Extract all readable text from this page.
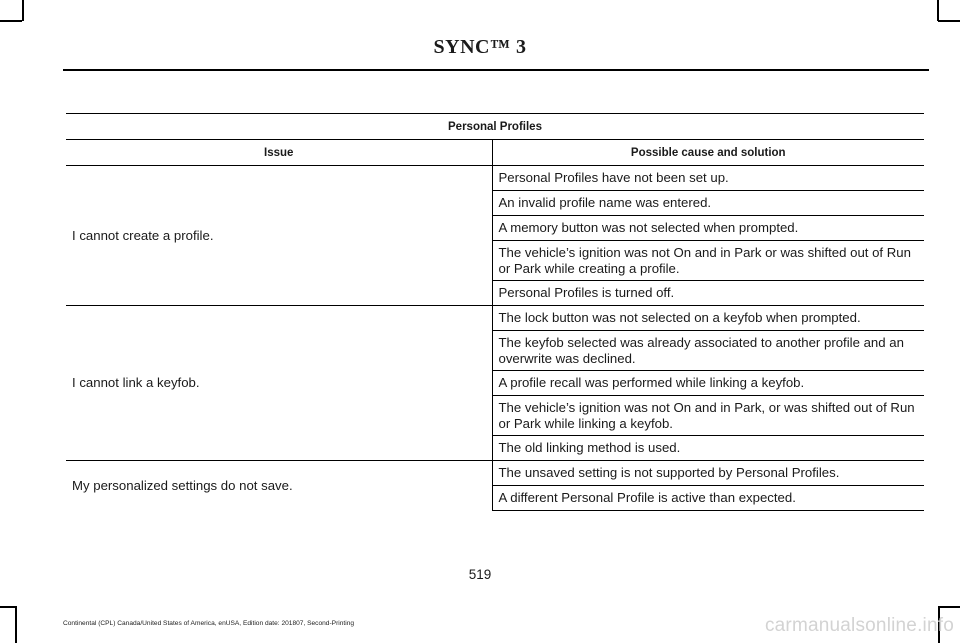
SYNC™ 3
Personal Profiles	
Issue	Possible cause and solution
I cannot create a profile.	Personal Profiles have not been set up.
	An invalid profile name was entered.
	A memory button was not selected when prompted.
	The vehicle’s ignition was not On and in Park or was shifted out of Run or Park while creating a profile.
	Personal Profiles is turned off.
I cannot link a keyfob.	The lock button was not selected on a keyfob when prompted.
	The keyfob selected was already associated to another profile and an overwrite was declined.
	A profile recall was performed while linking a keyfob.
	The vehicle’s ignition was not On and in Park, or was shifted out of Run or Park while linking a keyfob.
	The old linking method is used.
My personalized settings do not save.	The unsaved setting is not supported by Personal Profiles.
	A different Personal Profile is active than expected.
519
Continental (CPL) Canada/United States of America, enUSA, Edition date: 201807, Second-Printing	carmanualsonline.info
